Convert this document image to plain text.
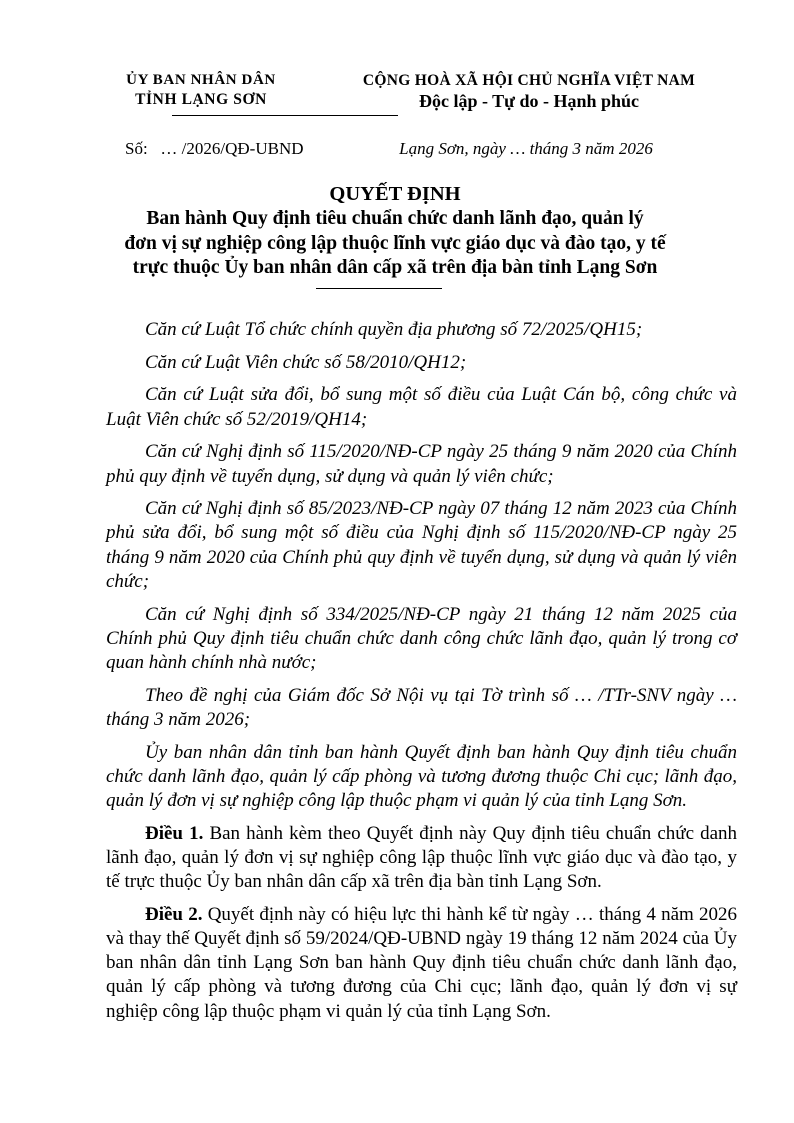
ỦY BAN NHÂN DÂN
TỈNH LẠNG SƠN
CỘNG HOÀ XÃ HỘI CHỦ NGHĨA VIỆT NAM
Độc lập - Tự do - Hạnh phúc
Số:   … /2026/QĐ-UBND	Lạng Sơn, ngày … tháng 3 năm 2026
QUYẾT ĐỊNH
Ban hành Quy định tiêu chuẩn chức danh lãnh đạo, quản lý
đơn vị sự nghiệp công lập thuộc lĩnh vực giáo dục và đào tạo, y tế
trực thuộc Ủy ban nhân dân cấp xã trên địa bàn tỉnh Lạng Sơn

Căn cứ Luật Tổ chức chính quyền địa phương số 72/2025/QH15;

Căn cứ Luật Viên chức số 58/2010/QH12;

Căn cứ Luật sửa đổi, bổ sung một số điều của Luật Cán bộ, công chức và Luật Viên chức số 52/2019/QH14;

Căn cứ Nghị định số 115/2020/NĐ-CP ngày 25 tháng 9 năm 2020 của Chính phủ quy định về tuyển dụng, sử dụng và quản lý viên chức;

Căn cứ Nghị định số 85/2023/NĐ-CP ngày 07 tháng 12 năm 2023 của Chính phủ sửa đổi, bổ sung một số điều của Nghị định số 115/2020/NĐ-CP ngày 25 tháng 9 năm 2020 của Chính phủ quy định về tuyển dụng, sử dụng và quản lý viên chức;

Căn cứ Nghị định số 334/2025/NĐ-CP ngày 21 tháng 12 năm 2025 của Chính phủ Quy định tiêu chuẩn chức danh công chức lãnh đạo, quản lý trong cơ quan hành chính nhà nước;

Theo đề nghị của Giám đốc Sở Nội vụ tại Tờ trình số … /TTr-SNV ngày … tháng 3 năm 2026;

Ủy ban nhân dân tỉnh ban hành Quyết định ban hành Quy định tiêu chuẩn chức danh lãnh đạo, quản lý cấp phòng và tương đương thuộc Chi cục; lãnh đạo, quản lý đơn vị sự nghiệp công lập thuộc phạm vi quản lý của tỉnh Lạng Sơn.

Điều 1. Ban hành kèm theo Quyết định này Quy định tiêu chuẩn chức danh lãnh đạo, quản lý đơn vị sự nghiệp công lập thuộc lĩnh vực giáo dục và đào tạo, y tế trực thuộc Ủy ban nhân dân cấp xã trên địa bàn tỉnh Lạng Sơn.

Điều 2. Quyết định này có hiệu lực thi hành kể từ ngày … tháng 4 năm 2026 và thay thế Quyết định số 59/2024/QĐ-UBND ngày 19 tháng 12 năm 2024 của Ủy ban nhân dân tỉnh Lạng Sơn ban hành Quy định tiêu chuẩn chức danh lãnh đạo, quản lý cấp phòng và tương đương của Chi cục; lãnh đạo, quản lý đơn vị sự nghiệp công lập thuộc phạm vi quản lý của tỉnh Lạng Sơn.
